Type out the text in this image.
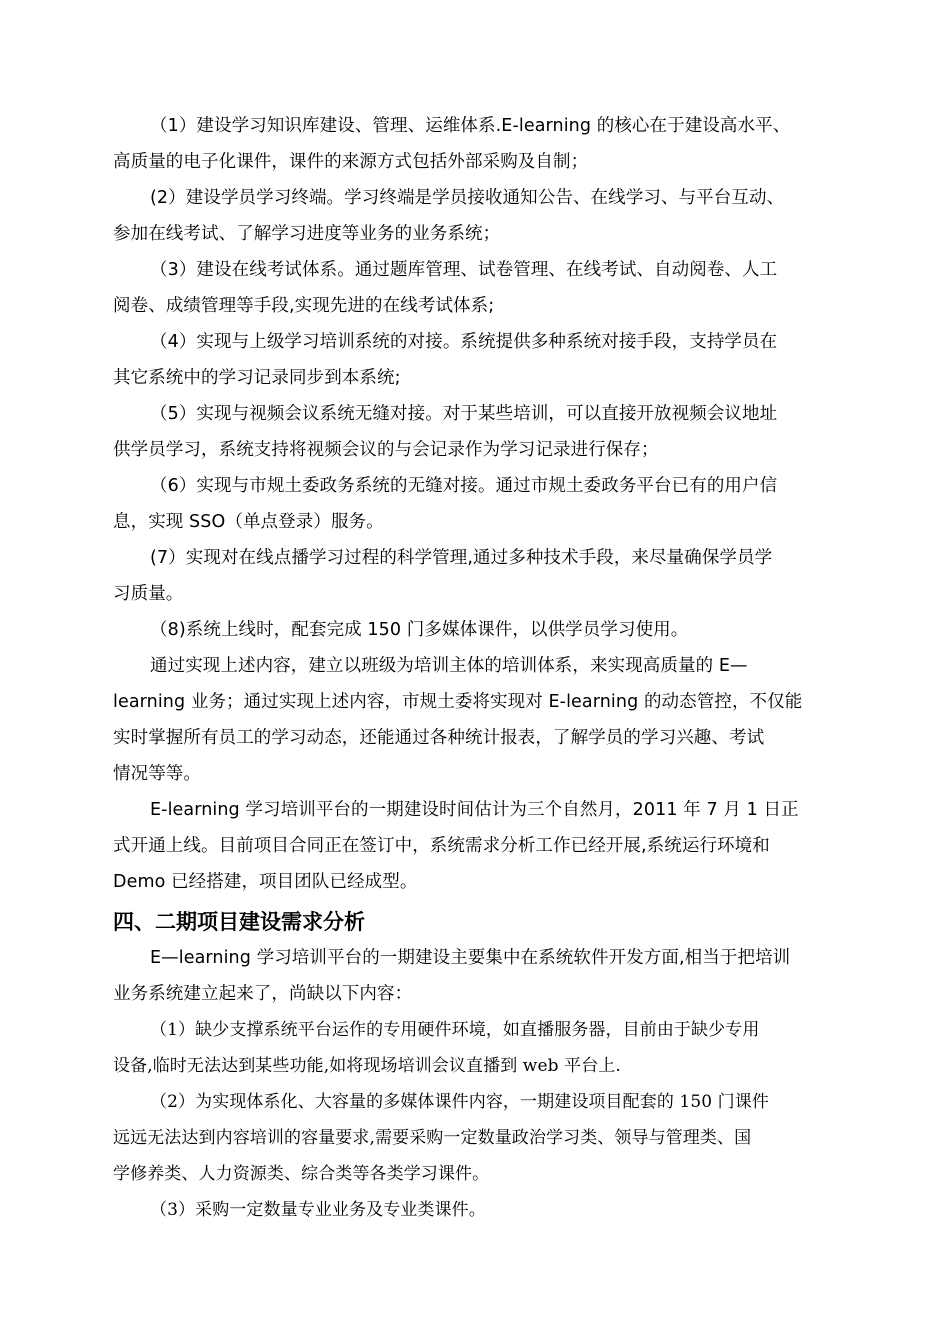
（1）建设学习知识库建设、管理、运维体系.E-learning 的核心在于建设高水平、
高质量的电子化课件，课件的来源方式包括外部采购及自制；
(2）建设学员学习终端。学习终端是学员接收通知公告、在线学习、与平台互动、
参加在线考试、了解学习进度等业务的业务系统；
（3）建设在线考试体系。通过题库管理、试卷管理、在线考试、自动阅卷、人工
阅卷、成绩管理等手段,实现先进的在线考试体系;
（4）实现与上级学习培训系统的对接。系统提供多种系统对接手段，支持学员在
其它系统中的学习记录同步到本系统;
（5）实现与视频会议系统无缝对接。对于某些培训，可以直接开放视频会议地址
供学员学习，系统支持将视频会议的与会记录作为学习记录进行保存；
（6）实现与市规土委政务系统的无缝对接。通过市规土委政务平台已有的用户信
息，实现 SSO（单点登录）服务。
(7）实现对在线点播学习过程的科学管理,通过多种技术手段，来尽量确保学员学
习质量。
（8)系统上线时，配套完成 150 门多媒体课件，以供学员学习使用。
通过实现上述内容，建立以班级为培训主体的培训体系，来实现高质量的 E—
learning 业务；通过实现上述内容，市规土委将实现对 E-learning 的动态管控，不仅能
实时掌握所有员工的学习动态，还能通过各种统计报表，了解学员的学习兴趣、考试
情况等等。
E-learning 学习培训平台的一期建设时间估计为三个自然月，2011 年 7 月 1 日正
式开通上线。目前项目合同正在签订中，系统需求分析工作已经开展,系统运行环境和
Demo 已经搭建，项目团队已经成型。
四、二期项目建设需求分析
E—learning 学习培训平台的一期建设主要集中在系统软件开发方面,相当于把培训
业务系统建立起来了，尚缺以下内容：
（1）缺少支撑系统平台运作的专用硬件环境，如直播服务器，目前由于缺少专用
设备,临时无法达到某些功能,如将现场培训会议直播到 web 平台上.
（2）为实现体系化、大容量的多媒体课件内容，一期建设项目配套的 150 门课件
远远无法达到内容培训的容量要求,需要采购一定数量政治学习类、领导与管理类、国
学修养类、人力资源类、综合类等各类学习课件。
（3）采购一定数量专业业务及专业类课件。
